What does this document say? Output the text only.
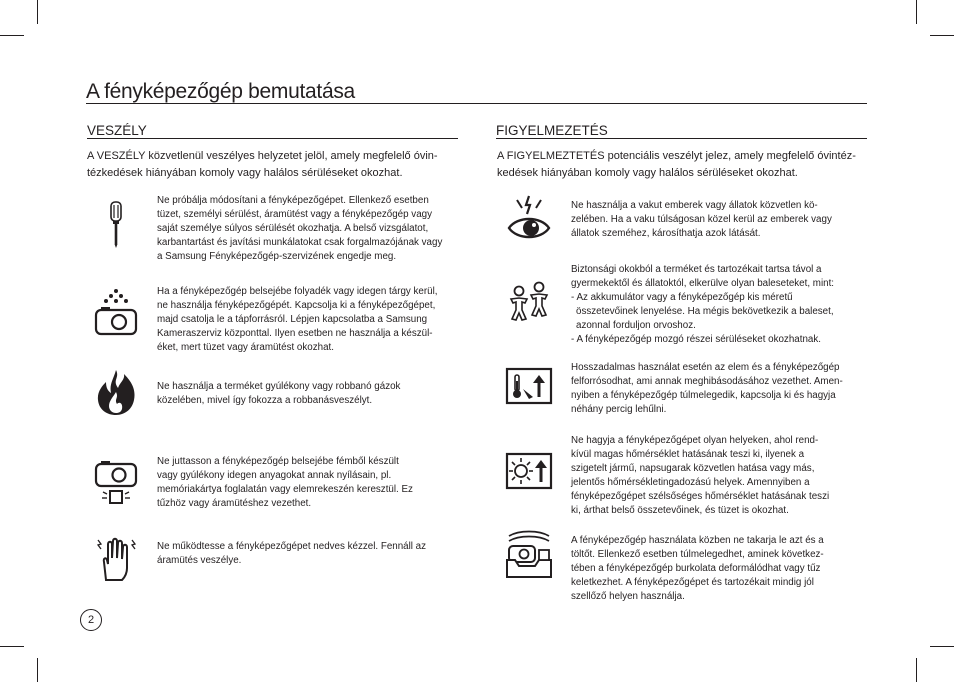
A fényképezőgép bemutatása
VESZÉLY
A VESZÉLY közvetlenül veszélyes helyzetet jelöl, amely megfelelő óvin-
tézkedések hiányában komoly vagy halálos sérüléseket okozhat.
Ne próbálja módosítani a fényképezőgépet. Ellenkező esetben
tüzet, személyi sérülést, áramütést vagy a fényképezőgép vagy
saját személye súlyos sérülését okozhatja. A belső vizsgálatot,
karbantartást és javítási munkálatokat csak forgalmazójának vagy
a Samsung Fényképezőgép-szervizének engedje meg.
Ha a fényképezőgép belsejébe folyadék vagy idegen tárgy kerül,
ne használja fényképezőgépét. Kapcsolja ki a fényképezőgépet,
majd csatolja le a tápforrásról. Lépjen kapcsolatba a Samsung
Kameraszerviz központtal. Ilyen esetben ne használja a készül-
éket, mert tüzet vagy áramütést okozhat.
Ne használja a terméket gyúlékony vagy robbanó gázok
közelében, mivel így fokozza a robbanásveszélyt.
Ne juttasson a fényképezőgép belsejébe fémből készült
vagy gyúlékony idegen anyagokat annak nyílásain, pl.
memóriakártya foglalatán vagy elemrekeszén keresztül. Ez
tűzhöz vagy áramütéshez vezethet.
Ne működtesse a fényképezőgépet nedves kézzel. Fennáll az
áramütés veszélye.
FIGYELMEZETÉS
A FIGYELMEZTETÉS potenciális veszélyt jelez, amely megfelelő óvintéz-
kedések hiányában komoly vagy halálos sérüléseket okozhat.
Ne használja a vakut emberek vagy állatok közvetlen kö-
zelében. Ha a vaku túlságosan közel kerül az emberek vagy
állatok szeméhez, károsíthatja azok látását.
Biztonsági okokból a terméket és tartozékait tartsa távol a
gyermekektől és állatoktól, elkerülve olyan baleseteket, mint:
- Az akkumulátor vagy a fényképezőgép kis méretű
összetevőinek lenyelése. Ha mégis bekövetkezik a baleset,
azonnal forduljon orvoshoz.
- A fényképezőgép mozgó részei sérüléseket okozhatnak.
Hosszadalmas használat esetén az elem és a fényképezőgép
felforrósodhat, ami annak meghibásodásához vezethet. Amen-
nyiben a fényképezőgép túlmelegedik, kapcsolja ki és hagyja
néhány percig lehűlni.
Ne hagyja a fényképezőgépet olyan helyeken, ahol rend-
kívül magas hőmérséklet hatásának teszi ki, ilyenek a
szigetelt jármű, napsugarak közvetlen hatása vagy más,
jelentős hőmérsékletingadozású helyek. Amennyiben a
fényképezőgépet szélsőséges hőmérséklet hatásának teszi
ki, árthat belső összetevőinek, és tüzet is okozhat.
A fényképezőgép használata közben ne takarja le azt és a
töltőt. Ellenkező esetben túlmelegedhet, aminek következ-
tében a fényképezőgép burkolata deformálódhat vagy tűz
keletkezhet. A fényképezőgépet és tartozékait mindig jól
szellőző helyen használja.
2
